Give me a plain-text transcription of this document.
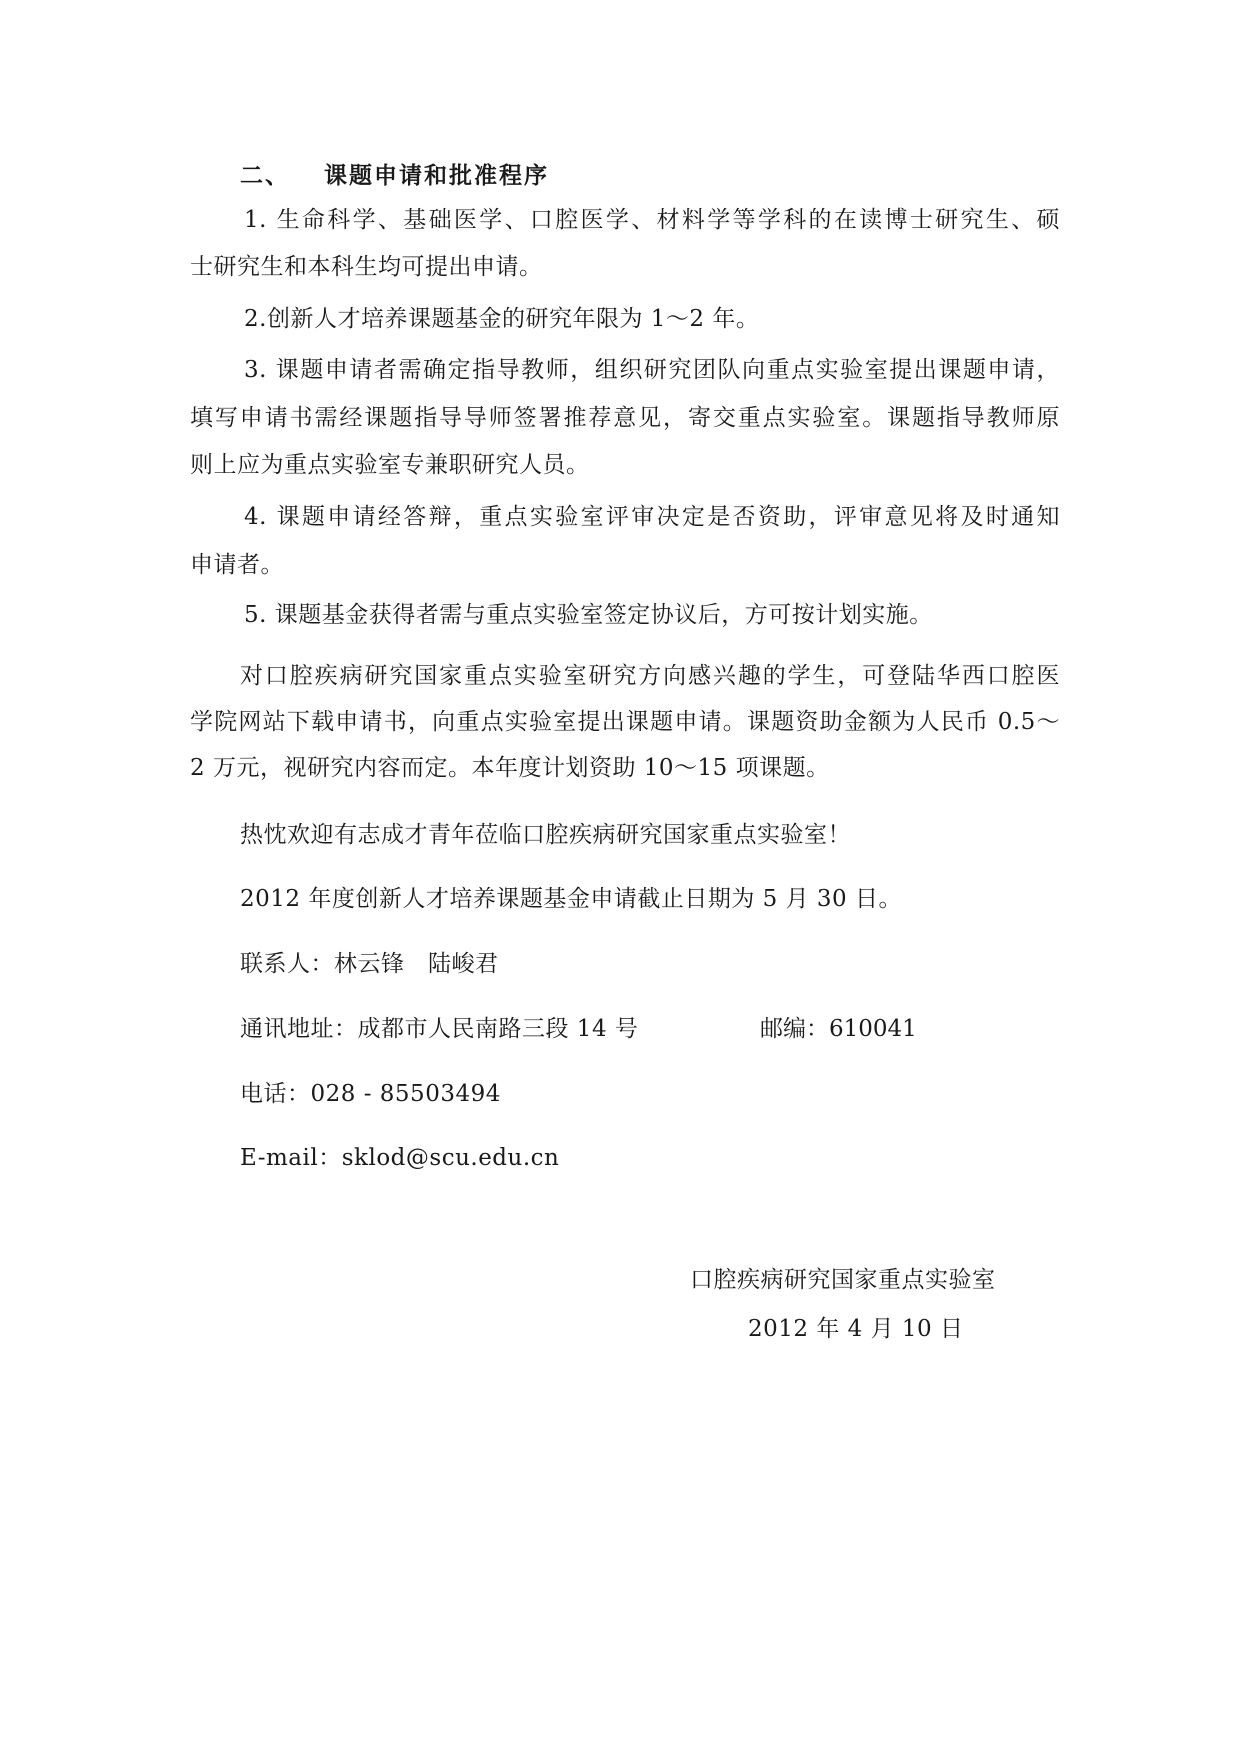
二、 课题申请和批准程序
1. 生命科学、基础医学、口腔医学、材料学等学科的在读博士研究生、硕
士研究生和本科生均可提出申请。
2.创新人才培养课题基金的研究年限为 1～2 年。
3. 课题申请者需确定指导教师，组织研究团队向重点实验室提出课题申请，
填写申请书需经课题指导导师签署推荐意见，寄交重点实验室。课题指导教师原
则上应为重点实验室专兼职研究人员。
4. 课题申请经答辩，重点实验室评审决定是否资助，评审意见将及时通知
申请者。
5. 课题基金获得者需与重点实验室签定协议后，方可按计划实施。
对口腔疾病研究国家重点实验室研究方向感兴趣的学生，可登陆华西口腔医
学院网站下载申请书，向重点实验室提出课题申请。课题资助金额为人民币 0.5～
2 万元，视研究内容而定。本年度计划资助 10～15 项课题。
热忱欢迎有志成才青年莅临口腔疾病研究国家重点实验室！
2012 年度创新人才培养课题基金申请截止日期为 5 月 30 日。
联系人：林云锋　陆峻君
通讯地址：成都市人民南路三段 14 号	邮编：610041
电话：028 - 85503494
E-mail：sklod@scu.edu.cn
口腔疾病研究国家重点实验室
2012 年 4 月 10 日
